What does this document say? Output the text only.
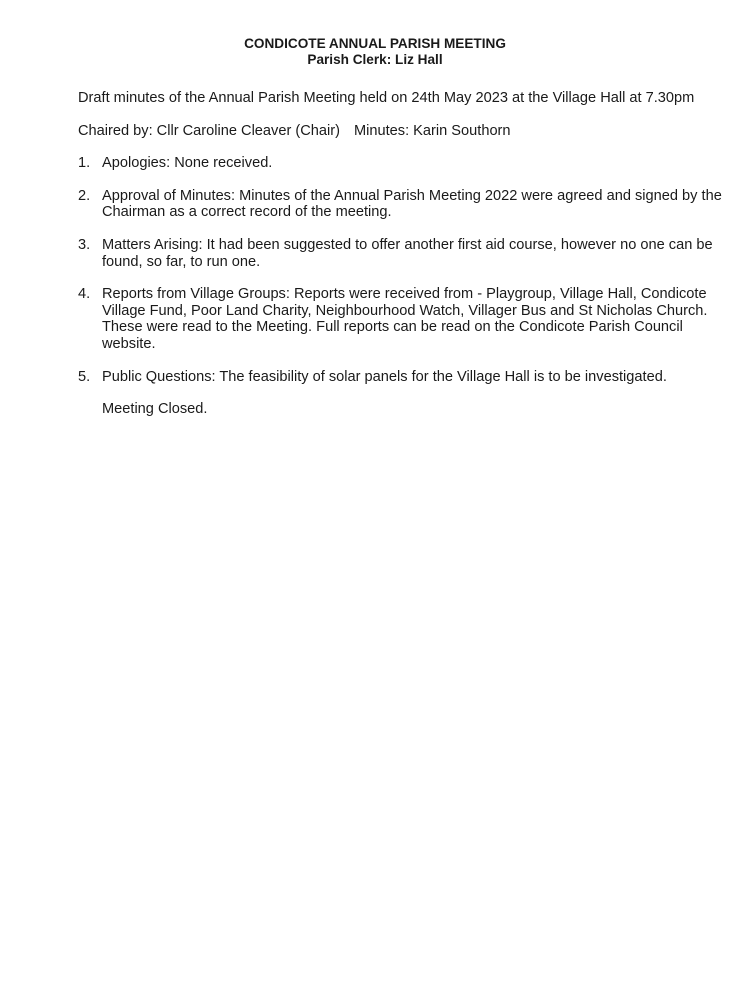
CONDICOTE ANNUAL PARISH MEETING
Parish Clerk: Liz Hall
Draft minutes of the Annual Parish Meeting held on 24th May 2023 at the Village Hall at 7.30pm
Chaired by: Cllr Caroline Cleaver (Chair) Minutes: Karin Southorn
1. Apologies: None received.
2. Approval of Minutes: Minutes of the Annual Parish Meeting 2022 were agreed and signed by the Chairman as a correct record of the meeting.
3. Matters Arising: It had been suggested to offer another first aid course, however no one can be found, so far, to run one.
4. Reports from Village Groups: Reports were received from - Playgroup, Village Hall, Condicote Village Fund, Poor Land Charity, Neighbourhood Watch, Villager Bus and St Nicholas Church. These were read to the Meeting. Full reports can be read on the Condicote Parish Council website.
5. Public Questions: The feasibility of solar panels for the Village Hall is to be investigated.
Meeting Closed.
